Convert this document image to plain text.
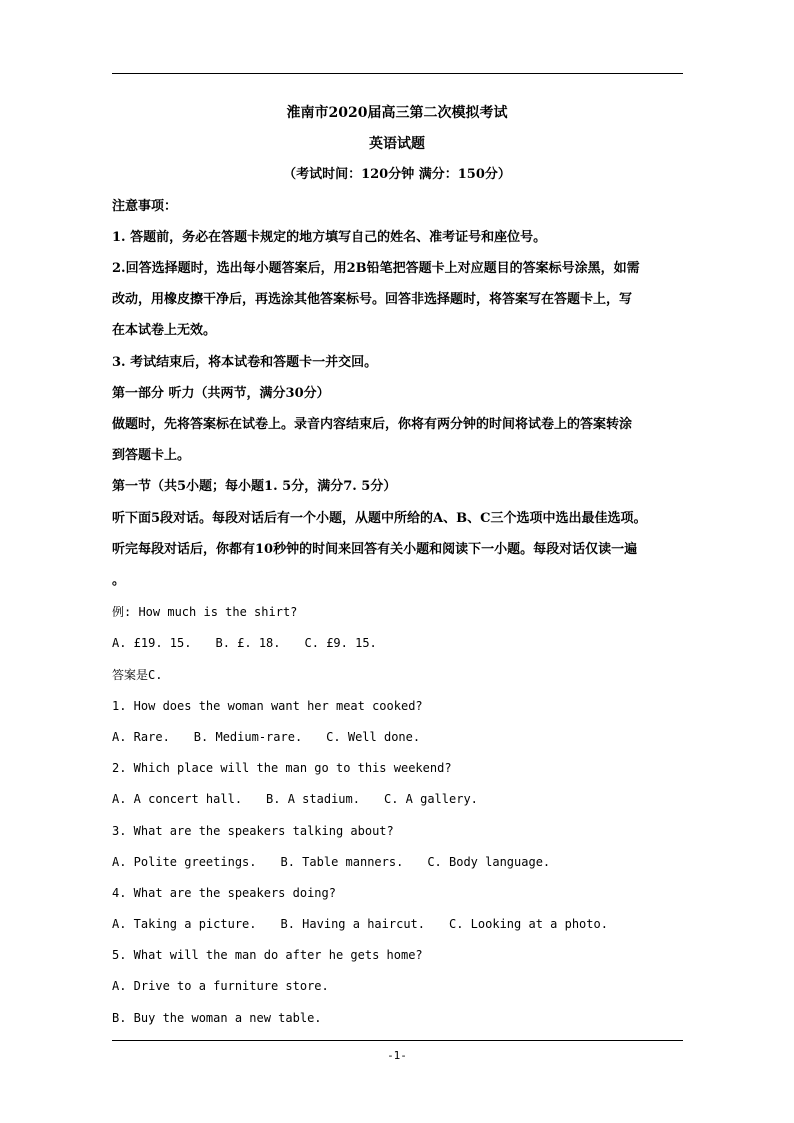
淮南市2020届高三第二次模拟考试
英语试题
（考试时间：120分钟 满分：150分）
注意事项：
1. 答题前，务必在答题卡规定的地方填写自己的姓名、准考证号和座位号。
2.回答选择题时，选出每小题答案后，用2B铅笔把答题卡上对应题目的答案标号涂黑，如需
改动，用橡皮擦干净后，再选涂其他答案标号。回答非选择题时，将答案写在答题卡上，写
在本试卷上无效。
3. 考试结束后，将本试卷和答题卡一并交回。
第一部分 听力（共两节，满分30分）
做题时，先将答案标在试卷上。录音内容结束后，你将有两分钟的时间将试卷上的答案转涂
到答题卡上。
第一节（共5小题；每小题1. 5分，满分7. 5分）
听下面5段对话。每段对话后有一个小题，从题中所给的A、B、C三个选项中选出最佳选项。
听完每段对话后，你都有10秒钟的时间来回答有关小题和阅读下一小题。每段对话仅读一遍
。
例: How much is the shirt?
A. £19. 15. B. £. 18. C. £9. 15.
答案是C.
1. How does the woman want her meat cooked?
A. Rare. B. Medium-rare. C. Well done.
2. Which place will the man go to this weekend?
A. A concert hall. B. A stadium. C. A gallery.
3. What are the speakers talking about?
A. Polite greetings. B. Table manners. C. Body language.
4. What are the speakers doing?
A. Taking a picture. B. Having a haircut. C. Looking at a photo.
5. What will the man do after he gets home?
A. Drive to a furniture store.
B. Buy the woman a new table.
-1-
